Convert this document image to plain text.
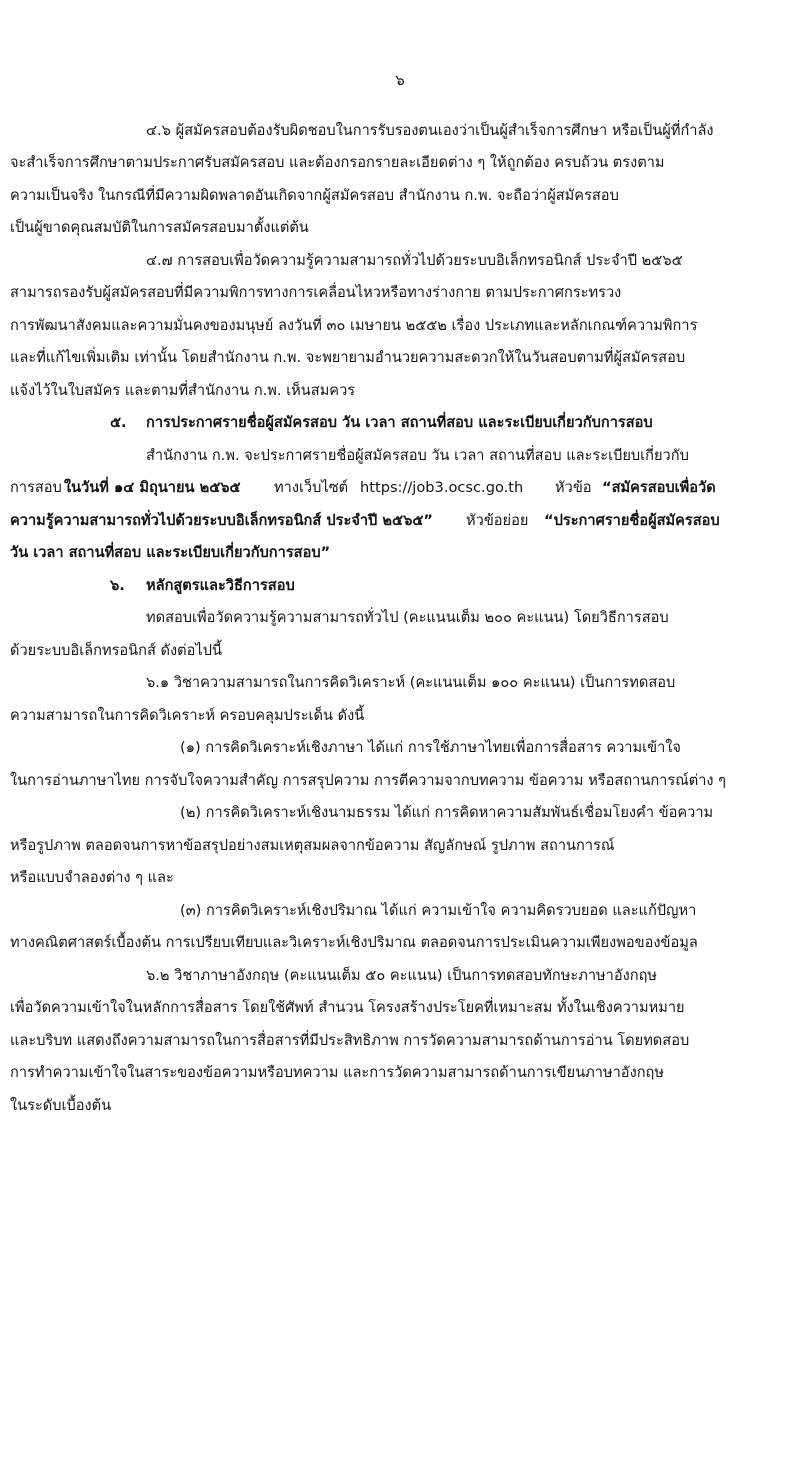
๖
๔.๖ ผู้สมัครสอบต้องรับผิดชอบในการรับรองตนเองว่าเป็นผู้สำเร็จการศึกษา หรือเป็นผู้ที่กำลัง
จะสำเร็จการศึกษาตามประกาศรับสมัครสอบ และต้องกรอกรายละเอียดต่าง ๆ ให้ถูกต้อง ครบถ้วน ตรงตาม
ความเป็นจริง ในกรณีที่มีความผิดพลาดอันเกิดจากผู้สมัครสอบ สำนักงาน ก.พ. จะถือว่าผู้สมัครสอบ
เป็นผู้ขาดคุณสมบัติในการสมัครสอบมาตั้งแต่ต้น
๔.๗ การสอบเพื่อวัดความรู้ความสามารถทั่วไปด้วยระบบอิเล็กทรอนิกส์ ประจำปี ๒๕๖๕
สามารถรองรับผู้สมัครสอบที่มีความพิการทางการเคลื่อนไหวหรือทางร่างกาย ตามประกาศกระทรวง
การพัฒนาสังคมและความมั่นคงของมนุษย์ ลงวันที่ ๓๐ เมษายน ๒๕๕๒ เรื่อง ประเภทและหลักเกณฑ์ความพิการ
และที่แก้ไขเพิ่มเติม เท่านั้น โดยสำนักงาน ก.พ. จะพยายามอำนวยความสะดวกให้ในวันสอบตามที่ผู้สมัครสอบ
แจ้งไว้ในใบสมัคร และตามที่สำนักงาน ก.พ. เห็นสมควร
๕. การประกาศรายชื่อผู้สมัครสอบ วัน เวลา สถานที่สอบ และระเบียบเกี่ยวกับการสอบ
สำนักงาน ก.พ. จะประกาศรายชื่อผู้สมัครสอบ วัน เวลา สถานที่สอบ และระเบียบเกี่ยวกับ
การสอบ ในวันที่ ๑๔ มิถุนายน ๒๕๖๕ ทางเว็บไซต์ https://job3.ocsc.go.th หัวข้อ “สมัครสอบเพื่อวัด
ความรู้ความสามารถทั่วไปด้วยระบบอิเล็กทรอนิกส์ ประจำปี ๒๕๖๕” หัวข้อย่อย “ประกาศรายชื่อผู้สมัครสอบ
วัน เวลา สถานที่สอบ และระเบียบเกี่ยวกับการสอบ”
๖. หลักสูตรและวิธีการสอบ
ทดสอบเพื่อวัดความรู้ความสามารถทั่วไป (คะแนนเต็ม ๒๐๐ คะแนน) โดยวิธีการสอบ
ด้วยระบบอิเล็กทรอนิกส์ ดังต่อไปนี้
๖.๑ วิชาความสามารถในการคิดวิเคราะห์ (คะแนนเต็ม ๑๐๐ คะแนน) เป็นการทดสอบ
ความสามารถในการคิดวิเคราะห์ ครอบคลุมประเด็น ดังนี้
(๑) การคิดวิเคราะห์เชิงภาษา ได้แก่ การใช้ภาษาไทยเพื่อการสื่อสาร ความเข้าใจ
ในการอ่านภาษาไทย การจับใจความสำคัญ การสรุปความ การตีความจากบทความ ข้อความ หรือสถานการณ์ต่าง ๆ
(๒) การคิดวิเคราะห์เชิงนามธรรม ได้แก่ การคิดหาความสัมพันธ์เชื่อมโยงคำ ข้อความ
หรือรูปภาพ ตลอดจนการหาข้อสรุปอย่างสมเหตุสมผลจากข้อความ สัญลักษณ์ รูปภาพ สถานการณ์
หรือแบบจำลองต่าง ๆ และ
(๓) การคิดวิเคราะห์เชิงปริมาณ ได้แก่ ความเข้าใจ ความคิดรวบยอด และแก้ปัญหา
ทางคณิตศาสตร์เบื้องต้น การเปรียบเทียบและวิเคราะห์เชิงปริมาณ ตลอดจนการประเมินความเพียงพอของข้อมูล
๖.๒ วิชาภาษาอังกฤษ (คะแนนเต็ม ๕๐ คะแนน) เป็นการทดสอบทักษะภาษาอังกฤษ
เพื่อวัดความเข้าใจในหลักการสื่อสาร โดยใช้ศัพท์ สำนวน โครงสร้างประโยคที่เหมาะสม ทั้งในเชิงความหมาย
และบริบท แสดงถึงความสามารถในการสื่อสารที่มีประสิทธิภาพ การวัดความสามารถด้านการอ่าน โดยทดสอบ
การทำความเข้าใจในสาระของข้อความหรือบทความ และการวัดความสามารถด้านการเขียนภาษาอังกฤษ
ในระดับเบื้องต้น
